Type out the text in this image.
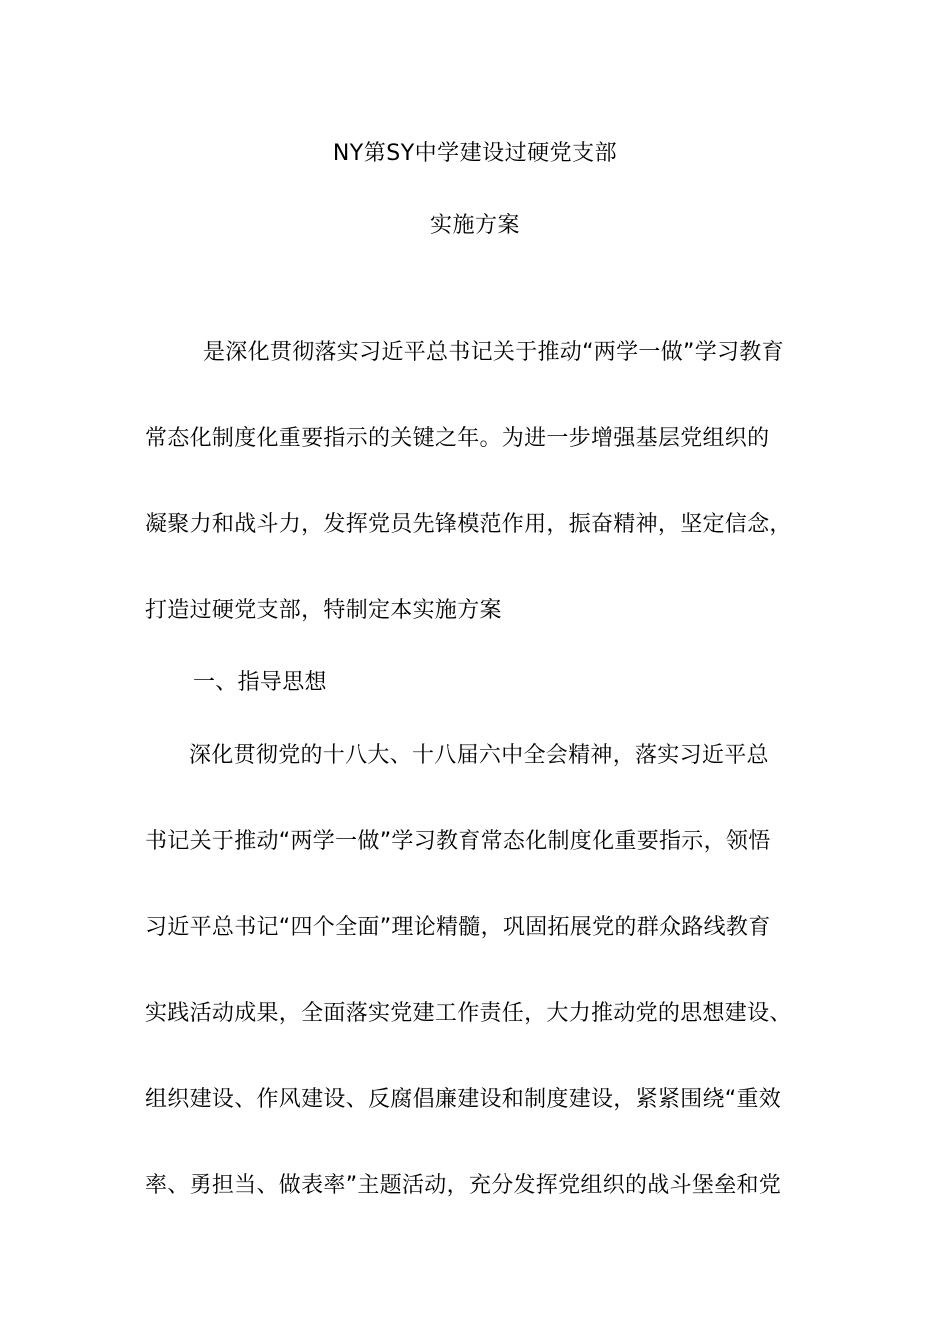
NY第SY中学建设过硬党支部
实施方案
是深化贯彻落实习近平总书记关于推动“两学一做”学习教育
常态化制度化重要指示的关键之年。为进一步增强基层党组织的
凝聚力和战斗力，发挥党员先锋模范作用，振奋精神，坚定信念，
打造过硬党支部，特制定本实施方案
一、指导思想
深化贯彻党的十八大、十八届六中全会精神，落实习近平总
书记关于推动“两学一做”学习教育常态化制度化重要指示，领悟
习近平总书记“四个全面”理论精髓，巩固拓展党的群众路线教育
实践活动成果，全面落实党建工作责任，大力推动党的思想建设、
组织建设、作风建设、反腐倡廉建设和制度建设，紧紧围绕“重效
率、勇担当、做表率”主题活动，充分发挥党组织的战斗堡垒和党
